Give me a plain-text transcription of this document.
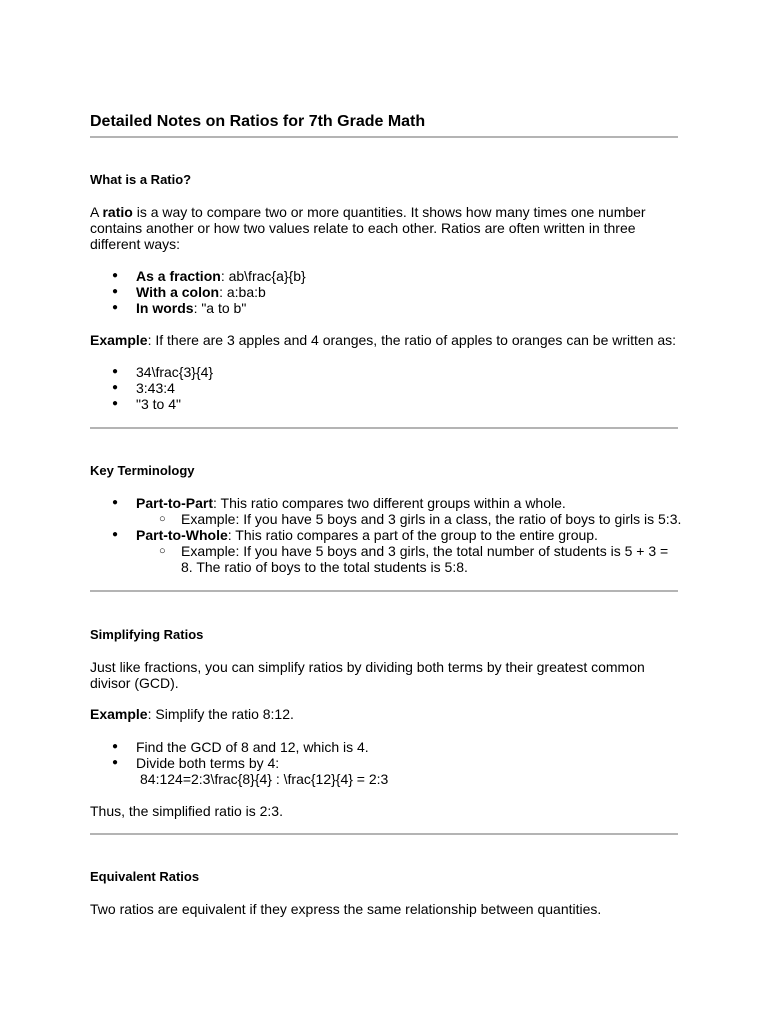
Detailed Notes on Ratios for 7th Grade Math
What is a Ratio?

A ratio is a way to compare two or more quantities. It shows how many times one number contains another or how two values relate to each other. Ratios are often written in three different ways:

● As a fraction: ab\frac{a}{b}
● With a colon: a:ba:b
● In words: "a to b"

Example: If there are 3 apples and 4 oranges, the ratio of apples to oranges can be written as:

● 34\frac{3}{4}
● 3:43:4
● "3 to 4"
Key Terminology
● Part-to-Part: This ratio compares two different groups within a whole.
○ Example: If you have 5 boys and 3 girls in a class, the ratio of boys to girls is 5:3.
● Part-to-Whole: This ratio compares a part of the group to the entire group.
○ Example: If you have 5 boys and 3 girls, the total number of students is 5 + 3 = 8. The ratio of boys to the total students is 5:8.
Simplifying Ratios

Just like fractions, you can simplify ratios by dividing both terms by their greatest common divisor (GCD).

Example: Simplify the ratio 8:12.

● Find the GCD of 8 and 12, which is 4.
● Divide both terms by 4:
84:124=2:3\frac{8}{4} : \frac{12}{4} = 2:3

Thus, the simplified ratio is 2:3.

Equivalent Ratios

Two ratios are equivalent if they express the same relationship between quantities.
